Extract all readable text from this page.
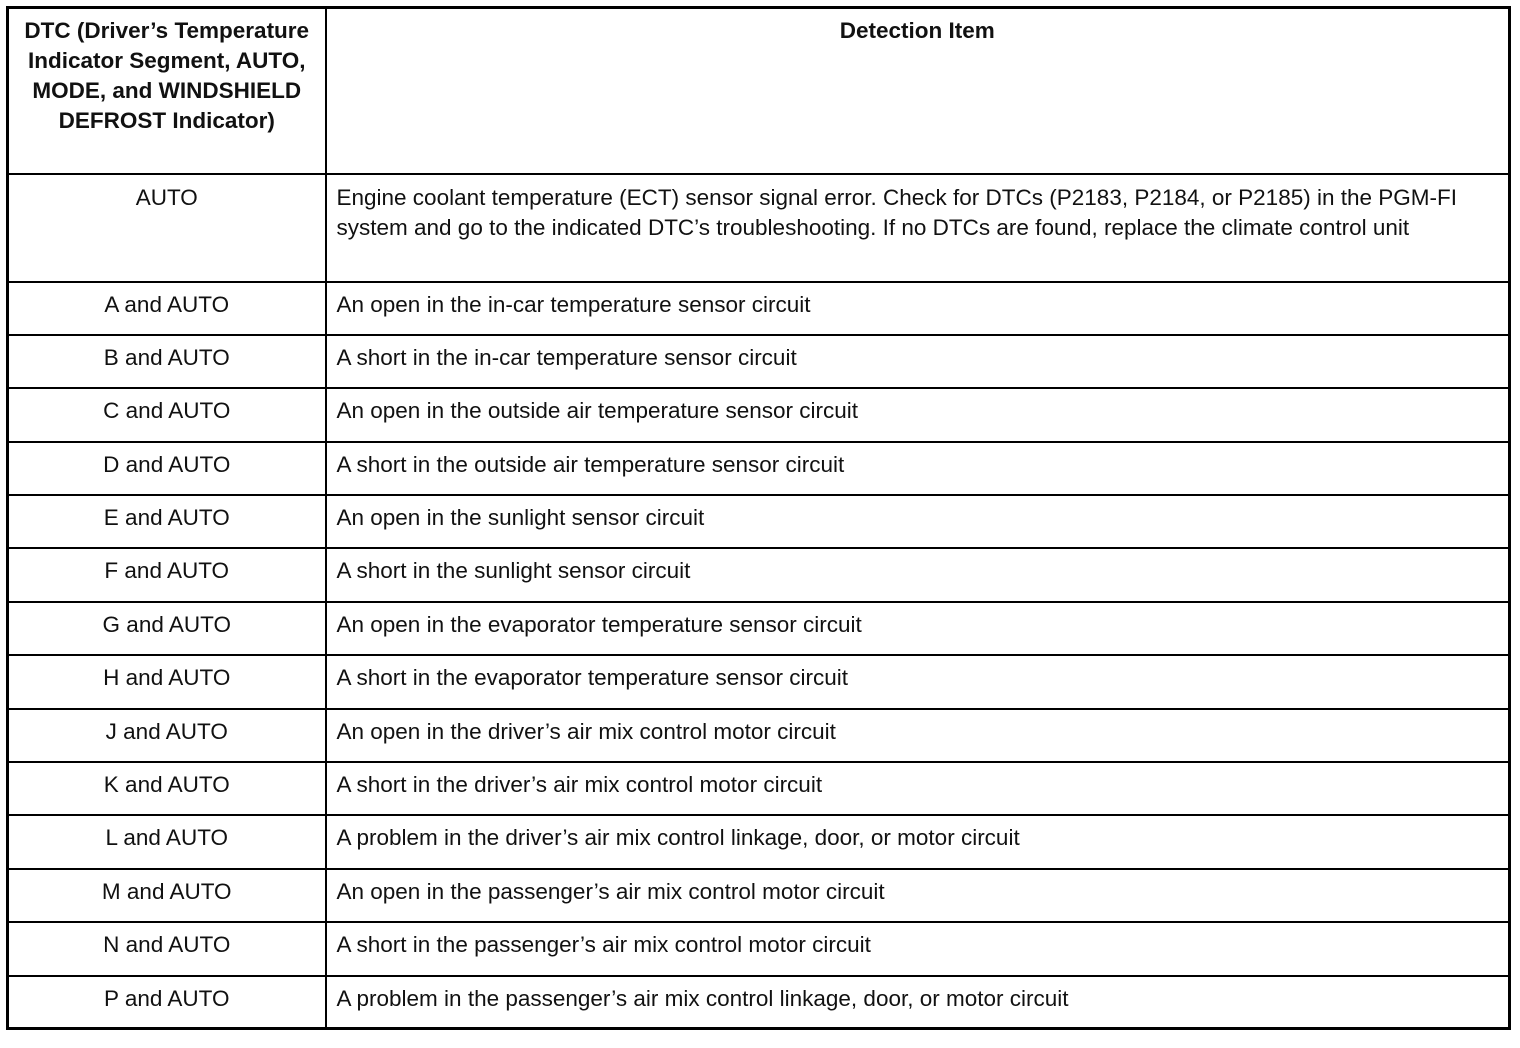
DTC (Driver’s Temperature Indicator Segment, AUTO, MODE, and WINDSHIELD DEFROST Indicator)	Detection Item
AUTO	Engine coolant temperature (ECT) sensor signal error. Check for DTCs (P2183, P2184, or P2185) in the PGM-FI system and go to the indicated DTC’s troubleshooting. If no DTCs are found, replace the climate control unit
A and AUTO	An open in the in-car temperature sensor circuit
B and AUTO	A short in the in-car temperature sensor circuit
C and AUTO	An open in the outside air temperature sensor circuit
D and AUTO	A short in the outside air temperature sensor circuit
E and AUTO	An open in the sunlight sensor circuit
F and AUTO	A short in the sunlight sensor circuit
G and AUTO	An open in the evaporator temperature sensor circuit
H and AUTO	A short in the evaporator temperature sensor circuit
J and AUTO	An open in the driver’s air mix control motor circuit
K and AUTO	A short in the driver’s air mix control motor circuit
L and AUTO	A problem in the driver’s air mix control linkage, door, or motor circuit
M and AUTO	An open in the passenger’s air mix control motor circuit
N and AUTO	A short in the passenger’s air mix control motor circuit
P and AUTO	A problem in the passenger’s air mix control linkage, door, or motor circuit
